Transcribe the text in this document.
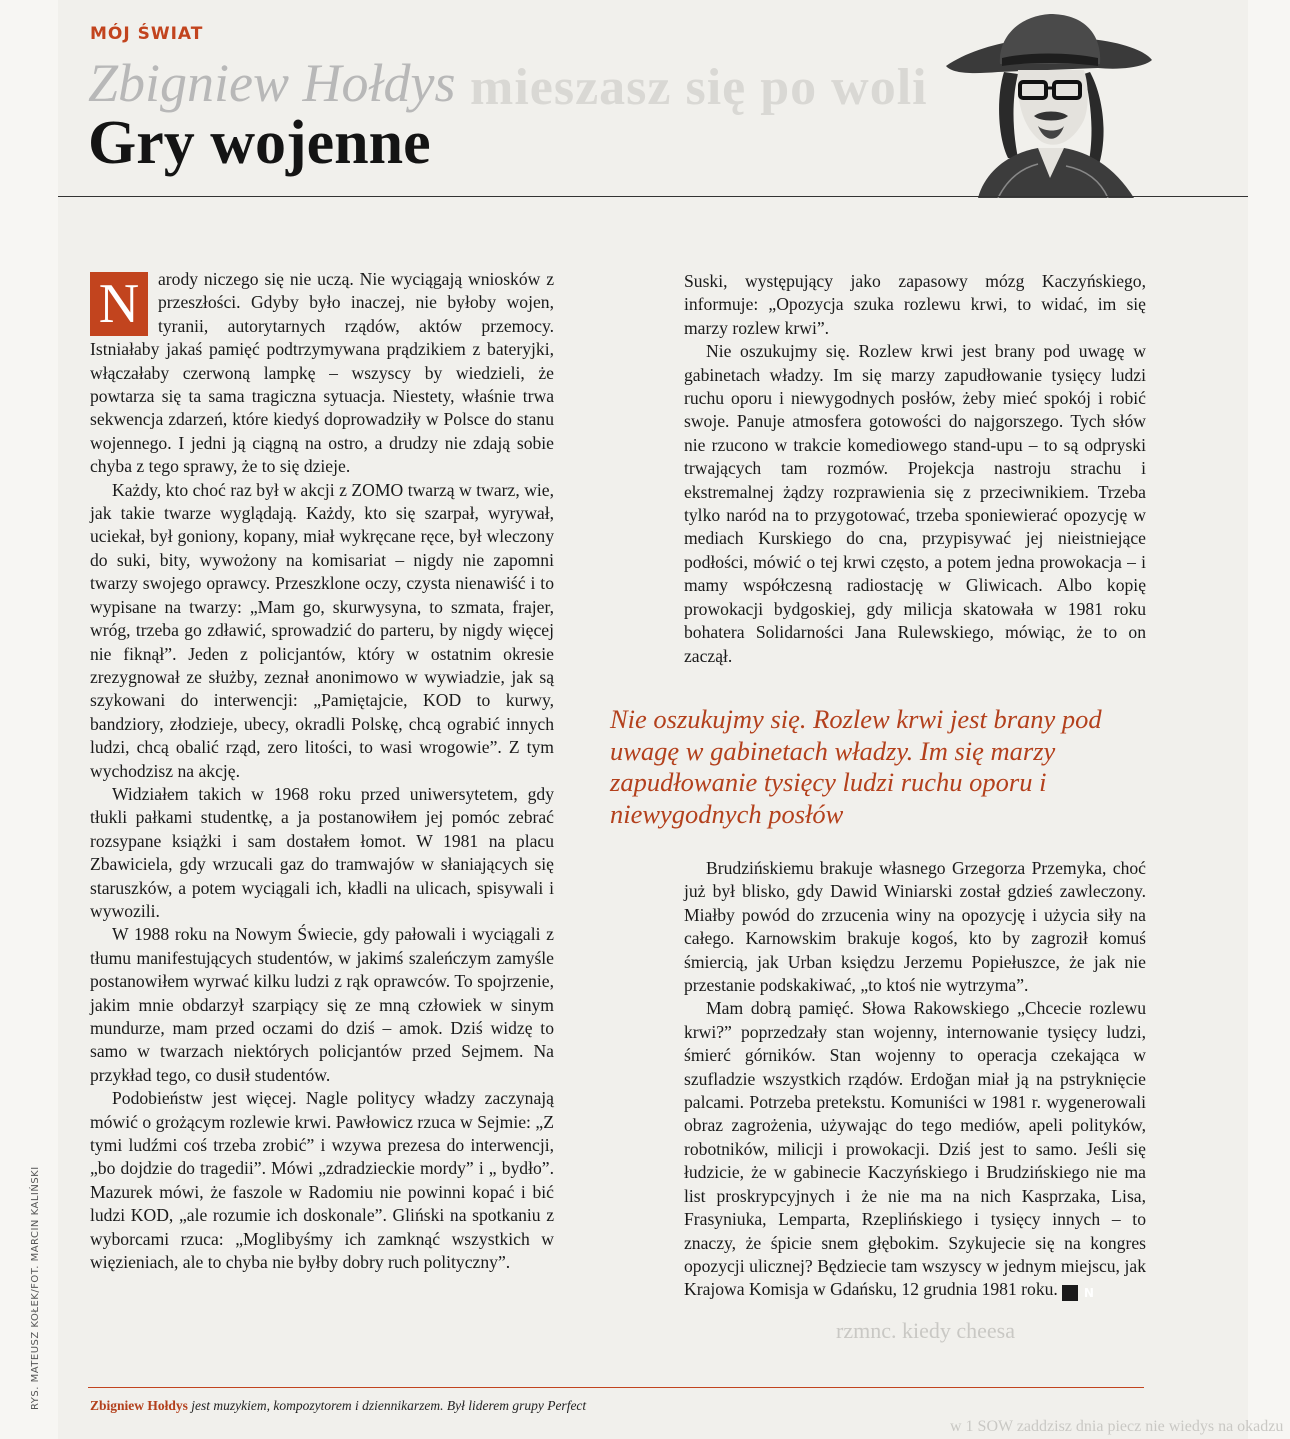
mieszasz się po woli
MÓJ ŚWIAT
Zbigniew Hołdys
Gry wojenne

N	arody niczego się nie uczą. Nie wyciągają wniosków z przeszłości. Gdyby było inaczej, nie byłoby wojen, tyranii, autorytarnych rządów, aktów przemocy. Istniałaby jakaś pamięć podtrzymywana prądzikiem z bateryjki, włączałaby czerwoną lampkę – wszyscy by wiedzieli, że powtarza się ta sama tragiczna sytuacja. Niestety, właśnie trwa sekwencja zdarzeń, które kiedyś doprowadziły w Polsce do stanu wojennego. I jedni ją ciągną na ostro, a drudzy nie zdają sobie chyba z tego sprawy, że to się dzieje.

Każdy, kto choć raz był w akcji z ZOMO twarzą w twarz, wie, jak takie twarze wyglądają. Każdy, kto się szarpał, wyrywał, uciekał, był goniony, kopany, miał wykręcane ręce, był wleczony do suki, bity, wywożony na komisariat – nigdy nie zapomni twarzy swojego oprawcy. Przeszklone oczy, czysta nienawiść i to wypisane na twarzy: „Mam go, skurwysyna, to szmata, frajer, wróg, trzeba go zdławić, sprowadzić do parteru, by nigdy więcej nie fiknął”. Jeden z policjantów, który w ostatnim okresie zrezygnował ze służby, zeznał anonimowo w wywiadzie, jak są szykowani do interwencji: „Pamiętajcie, KOD to kurwy, bandziory, złodzieje, ubecy, okradli Polskę, chcą ograbić innych ludzi, chcą obalić rząd, zero litości, to wasi wrogowie”. Z tym wychodzisz na akcję.

Widziałem takich w 1968 roku przed uniwersytetem, gdy tłukli pałkami studentkę, a ja postanowiłem jej pomóc zebrać rozsypane książki i sam dostałem łomot. W 1981 na placu Zbawiciela, gdy wrzucali gaz do tramwajów w słaniających się staruszków, a potem wyciągali ich, kładli na ulicach, spisywali i wywozili.

W 1988 roku na Nowym Świecie, gdy pałowali i wyciągali z tłumu manifestujących studentów, w jakimś szaleńczym zamyśle postanowiłem wyrwać kilku ludzi z rąk oprawców. To spojrzenie, jakim mnie obdarzył szarpiący się ze mną człowiek w sinym mundurze, mam przed oczami do dziś – amok. Dziś widzę to samo w twarzach niektórych policjantów przed Sejmem. Na przykład tego, co dusił studentów.

Podobieństw jest więcej. Nagle politycy władzy zaczynają mówić o grożącym rozlewie krwi. Pawłowicz rzuca w Sejmie: „Z tymi ludźmi coś trzeba zrobić” i wzywa prezesa do interwencji, „bo dojdzie do tragedii”. Mówi „zdradzieckie mordy” i „ bydło”. Mazurek mówi, że faszole w Radomiu nie powinni kopać i bić ludzi KOD, „ale rozumie ich doskonale”. Gliński na spotkaniu z wyborcami rzuca: „Moglibyśmy ich zamknąć wszystkich w więzieniach, ale to chyba nie byłby dobry ruch polityczny”.

Suski, występujący jako zapasowy mózg Kaczyńskiego, informuje: „Opozycja szuka rozlewu krwi, to widać, im się marzy rozlew krwi”.

Nie oszukujmy się. Rozlew krwi jest brany pod uwagę w gabinetach władzy. Im się marzy zapudłowanie tysięcy ludzi ruchu oporu i niewygodnych posłów, żeby mieć spokój i robić swoje. Panuje atmosfera gotowości do najgorszego. Tych słów nie rzucono w trakcie komediowego stand-upu – to są odpryski trwających tam rozmów. Projekcja nastroju strachu i ekstremalnej żądzy rozprawienia się z przeciwnikiem. Trzeba tylko naród na to przygotować, trzeba sponiewierać opozycję w mediach Kurskiego do cna, przypisywać jej nieistniejące podłości, mówić o tej krwi często, a potem jedna prowokacja – i mamy współczesną radiostację w Gliwicach. Albo kopię prowokacji bydgoskiej, gdy milicja skatowała w 1981 roku bohatera Solidarności Jana Rulewskiego, mówiąc, że to on zaczął.

Nie oszukujmy się. Rozlew krwi jest brany pod uwagę w gabinetach władzy. Im się marzy zapudłowanie tysięcy ludzi ruchu oporu i niewygodnych posłów

Brudzińskiemu brakuje własnego Grzegorza Przemyka, choć już był blisko, gdy Dawid Winiarski został gdzieś zawleczony. Miałby powód do zrzucenia winy na opozycję i użycia siły na całego. Karnowskim brakuje kogoś, kto by zagroził komuś śmiercią, jak Urban księdzu Jerzemu Popiełuszce, że jak nie przestanie podskakiwać, „to ktoś nie wytrzyma”.

Mam dobrą pamięć. Słowa Rakowskiego „Chcecie rozlewu krwi?” poprzedzały stan wojenny, internowanie tysięcy ludzi, śmierć górników. Stan wojenny to operacja czekająca w szufladzie wszystkich rządów. Erdoğan miał ją na pstryknięcie palcami. Potrzeba pretekstu. Komuniści w 1981 r. wygenerowali obraz zagrożenia, używając do tego mediów, apeli polityków, robotników, milicji i prowokacji. Dziś jest to samo. Jeśli się łudzicie, że w gabinecie Kaczyńskiego i Brudzińskiego nie ma list proskrypcyjnych i że nie ma na nich Kasprzaka, Lisa, Frasyniuka, Lemparta, Rzeplińskiego i tysięcy innych – to znaczy, że śpicie snem głębokim. Szykujecie się na kongres opozycji ulicznej? Będziecie tam wszyscy w jednym miejscu, jak Krajowa Komisja w Gdańsku, 12 grudnia 1981 roku. N

rzmnc. kiedy cheesa
w 1 SOW zaddzisz dnia piecz nie wiedys na okadzu
RYS. MATEUSZ KOŁEK/FOT. MARCIN KALIŃSKI	Zbigniew Hołdys jest muzykiem, kompozytorem i dziennikarzem. Był liderem grupy Perfect
